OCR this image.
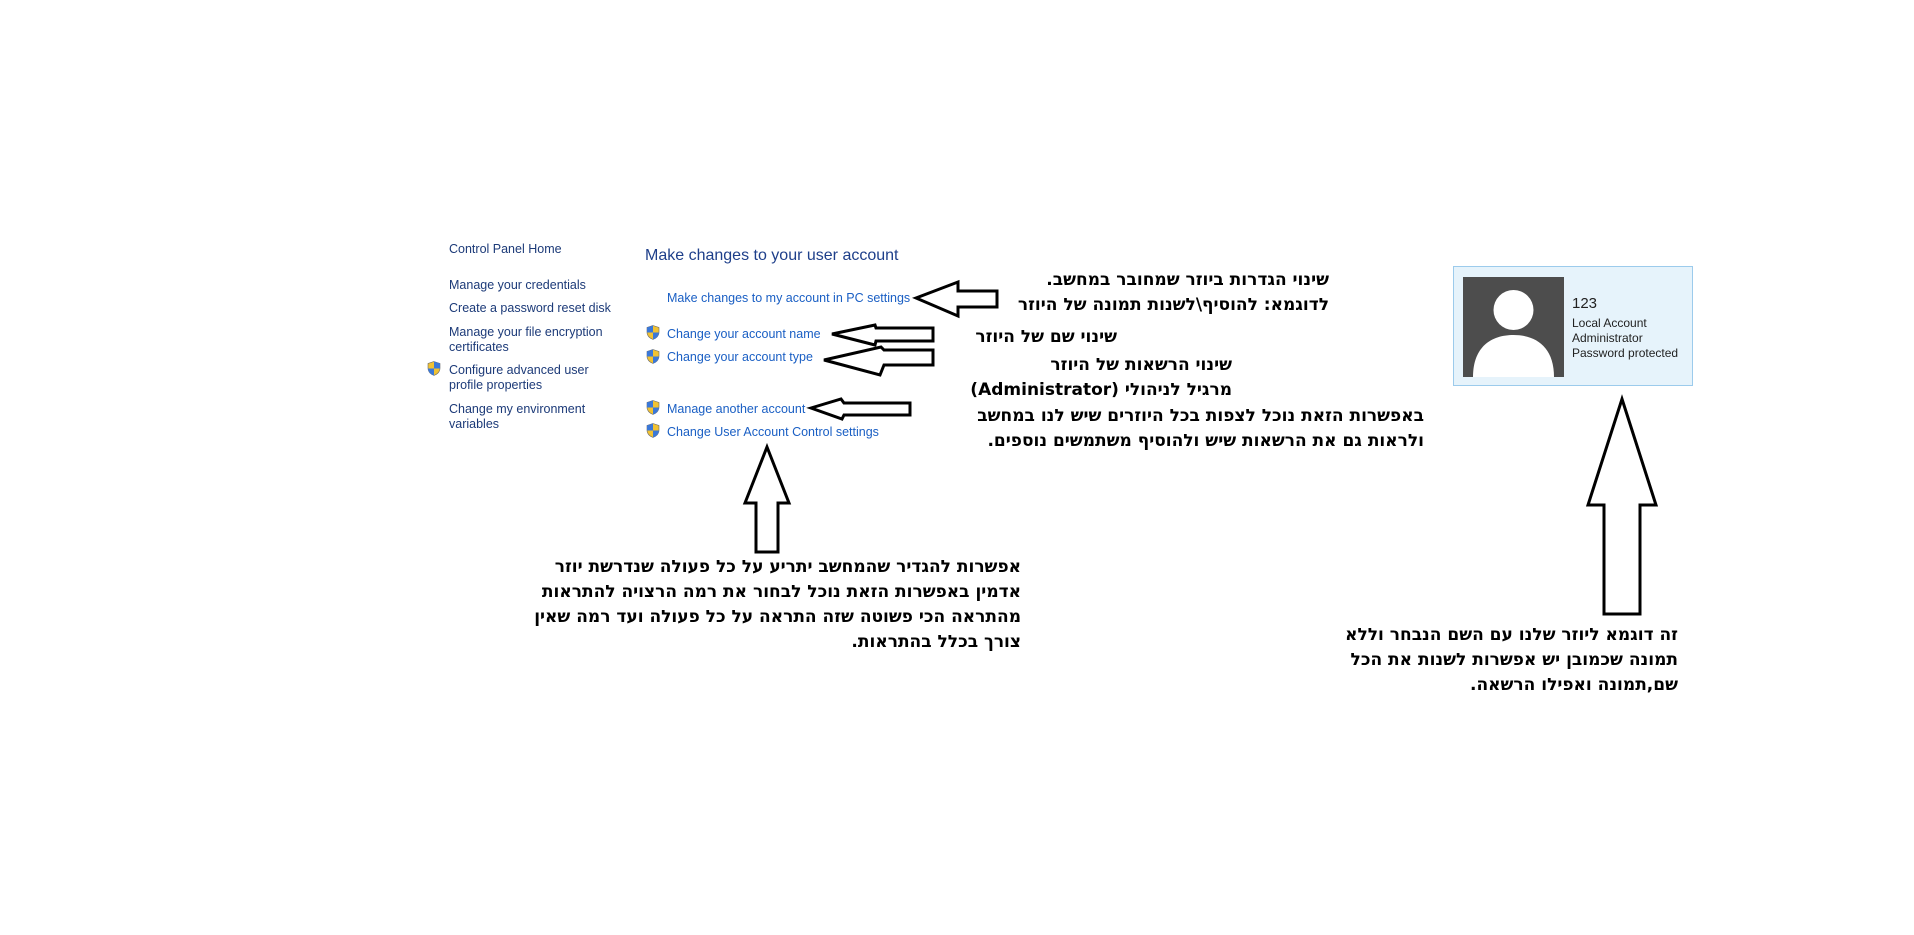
Control Panel Home
Manage your credentials
Create a password reset disk
Manage your file encryption
certificates
Configure advanced user
profile properties
Change my environment
variables
Make changes to your user account
Make changes to my account in PC settings
Change your account name
Change your account type
Manage another account
Change User Account Control settings
שינוי הגדרות ביוזר שמחובר במחשב.
לדוגמא: להוסיף\לשנות תמונה של היוזר
שינוי שם של היוזר
שינוי הרשאות של היוזר
מרגיל לניהולי (Administrator)
באפשרות הזאת נוכל לצפות בכל היוזרים שיש לנו במחשב
ולראות גם את הרשאות שיש ולהוסיף משתמשים נוספים.
אפשרות להגדיר שהמחשב יתריע על כל פעולה שנדרשת יוזר
אדמין באפשרות הזאת נוכל לבחור את רמה הרצויה להתראות
מהתראה הכי פשוטה שזה התראה על כל פעולה ועד רמה שאין
צורך בכלל בהתראות.	זה דוגמא ליוזר שלנו עם השם הנבחר וללא
תמונה שכמובן יש אפשרות לשנות את הכל
שם,תמונה ואפילו הרשאה.
123
Local Account
Administrator
Password protected
